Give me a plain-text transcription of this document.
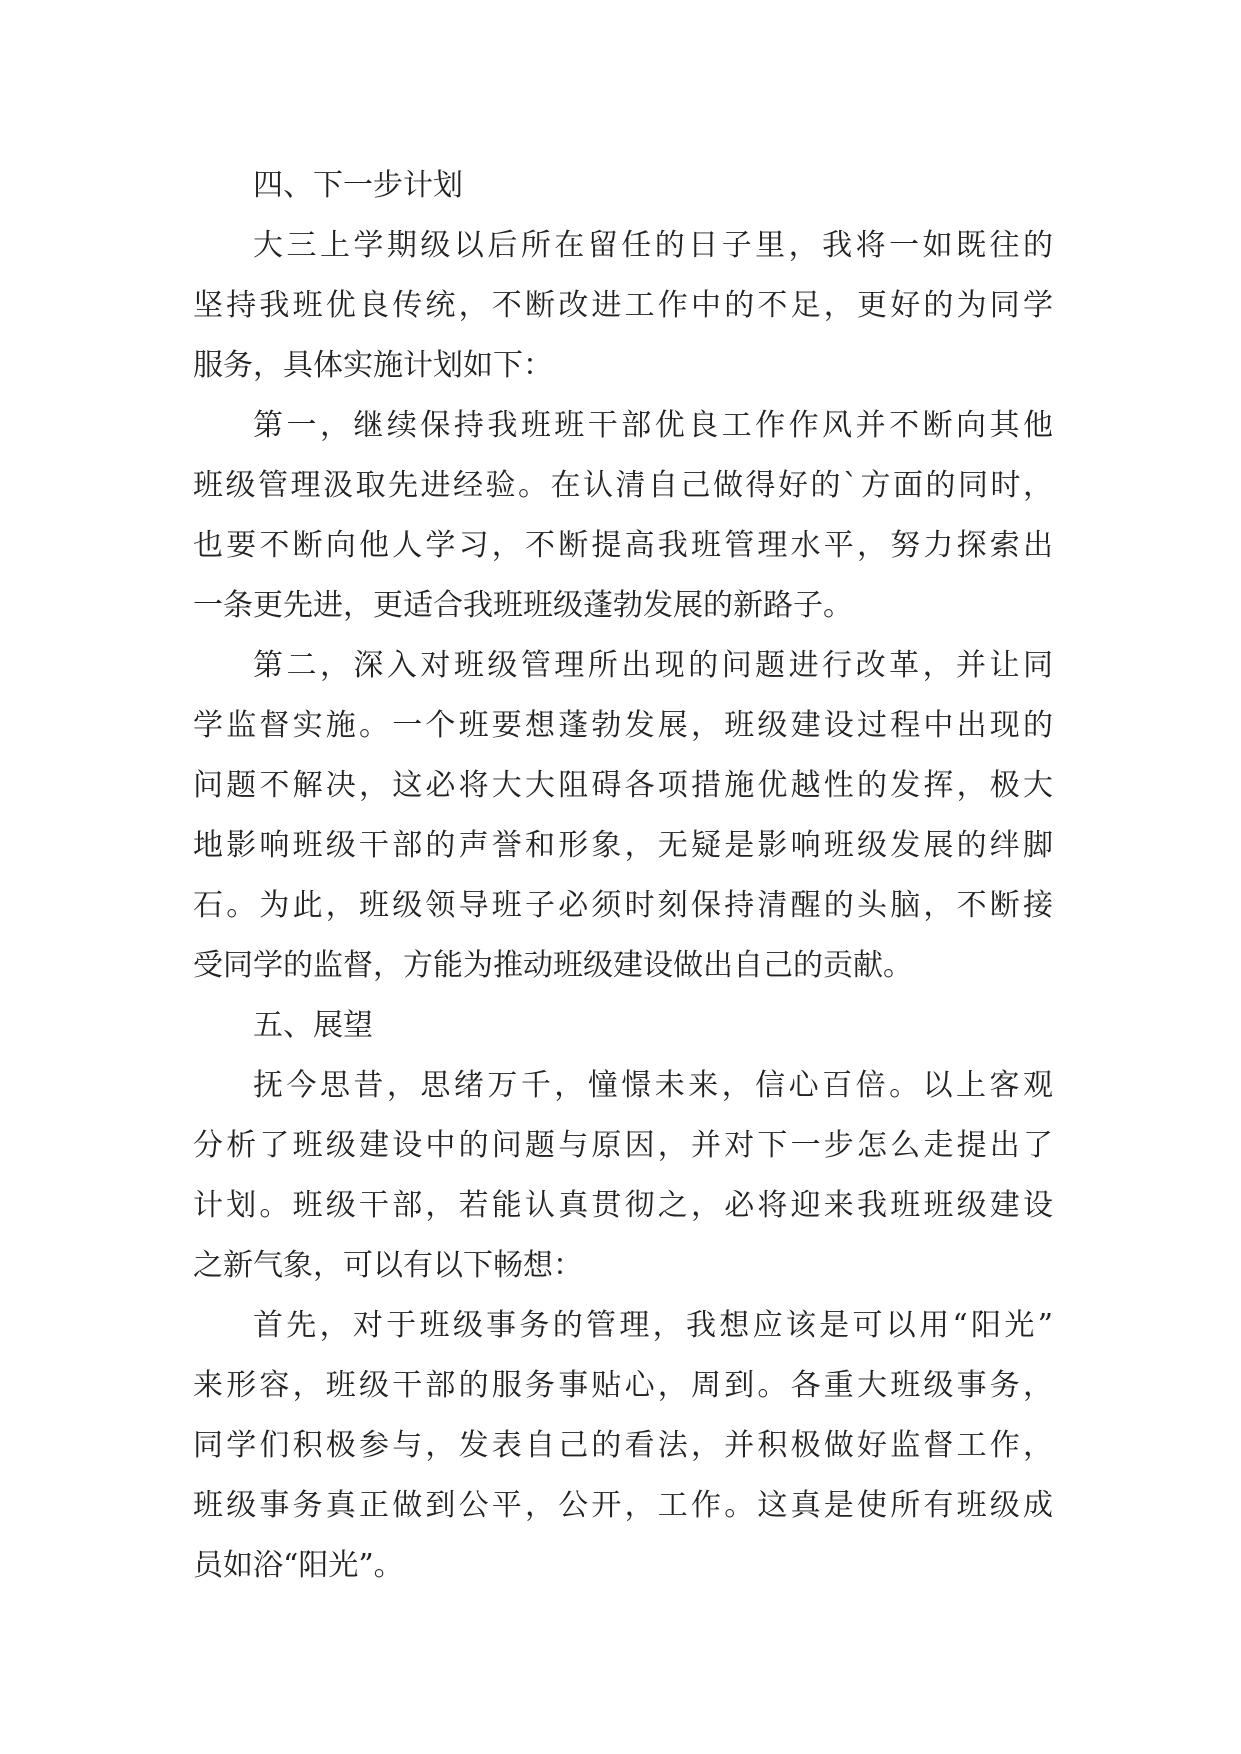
四、下一步计划
大三上学期级以后所在留任的日子里，我将一如既往的
坚持我班优良传统，不断改进工作中的不足，更好的为同学
服务，具体实施计划如下：
第一，继续保持我班班干部优良工作作风并不断向其他
班级管理汲取先进经验。在认清自己做得好的`方面的同时，
也要不断向他人学习，不断提高我班管理水平，努力探索出
一条更先进，更适合我班班级蓬勃发展的新路子。
第二，深入对班级管理所出现的问题进行改革，并让同
学监督实施。一个班要想蓬勃发展，班级建设过程中出现的
问题不解决，这必将大大阻碍各项措施优越性的发挥，极大
地影响班级干部的声誉和形象，无疑是影响班级发展的绊脚
石。为此，班级领导班子必须时刻保持清醒的头脑，不断接
受同学的监督，方能为推动班级建设做出自己的贡献。
五、展望
抚今思昔，思绪万千，憧憬未来，信心百倍。以上客观
分析了班级建设中的问题与原因，并对下一步怎么走提出了
计划。班级干部，若能认真贯彻之，必将迎来我班班级建设
之新气象，可以有以下畅想：
首先，对于班级事务的管理，我想应该是可以用“阳光”
来形容，班级干部的服务事贴心，周到。各重大班级事务，
同学们积极参与，发表自己的看法，并积极做好监督工作，
班级事务真正做到公平，公开，工作。这真是使所有班级成
员如浴“阳光”。
